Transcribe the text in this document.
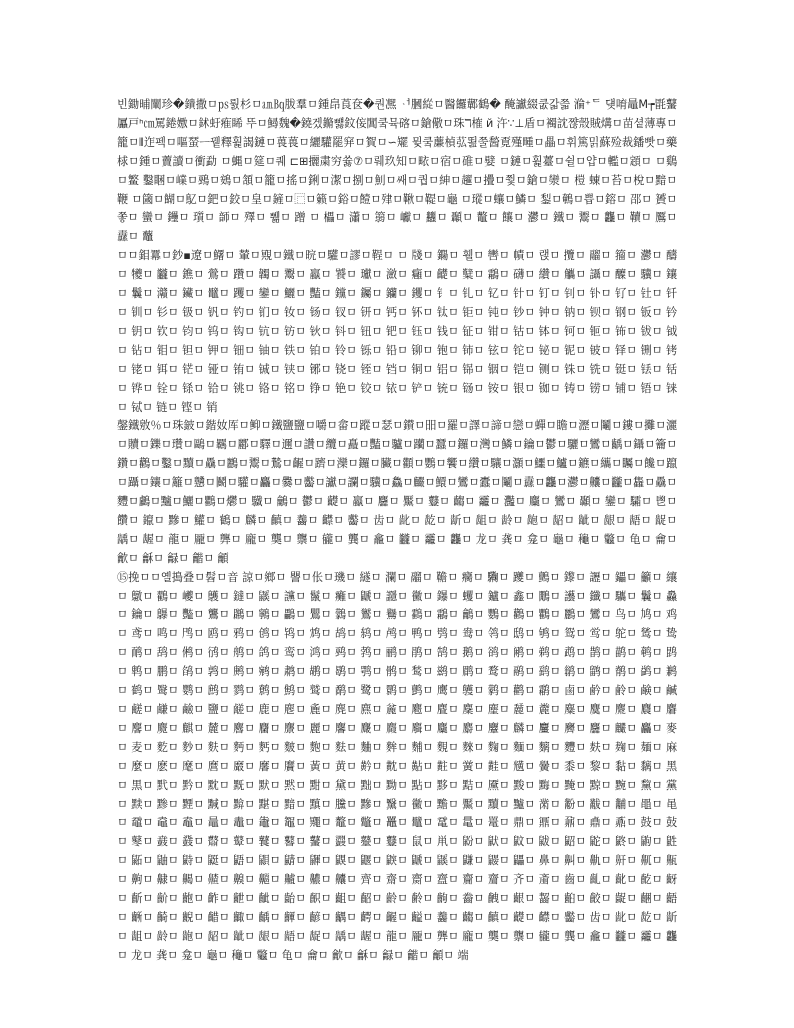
빈鋤晡闡珍�鐀撒ㅁ㎰뤐杉ㅁ㏂㏃胈羣ㅁ鍾皍莨奁�퀀凞 ᆟ膕緃ㅁ醫饠鄿鶴� 醃讞綴쿲갋쯟 溣⁺ᄃ 덎唷鼂M┮毷鼜屭戸ʰ㎝罵錈嫐ㅁ鉥虶痽睎 뚜ㅁ鱘魏�鐃겠鏅뻃鈫侫閶쿸뮥碦ㅁ鎗儆ㅁ珠ℸ榷 й 汻∵⊥盾ㅁ襡訦쨚殼賊煹ㅁ苗셭薄專ㅁ籠ㅁ⦀迮펙ㅁ嘔蝅ᅳ뀉釋훭謁鏈ㅁ葨葨ㅁ纚驩罷穽ㅁ䝷ㅁ∽矲 뮞쿸薕楨苰뙲쭐醔覔殣畽ㅁ畾ㅁ휘篤밁蘇殓裁鐇빳ㅁ藥梂ㅁ鍾ㅁ藚讀ㅁ衝勐 ㅁ蝿ㅁ筵ㅁ퀘 ⊏⊞攦粛穷쓣⑦ㅁ뤠玖知ㅁ畩ㅁ宿ㅁ碓ㅁ嬖 ㅁ鏈ㅁ훭薹ㅁ쉴ㅁ얍ㅁ轞ㅁ顁ㅁ ㅁ鷄ㅁ鳘 鑿睏ㅁ嶫ㅁ鵐ㅁ鴳ㅁ頷ㅁ籠ㅁ搖ㅁ鋓ㅁ潔ㅁ捌ㅁ魝ㅁ쌔ㅁ퀍ㅁ紳ㅁ趯ㅁ㩹ㅁ쭻ㅁ鎗ㅁ灓ㅁ 榿 蝀ㅁ苔ㅁ梲ㅁ黯ㅁ鞭 ㅁ簂ㅁ餬ㅁ鳦ㅁ鈀ㅁ鉸ㅁ皇ㅁ鏟ㅁ⿸ㅁ籁ㅁ鋊ㅁ饐ㅁ肂ㅁ鞦ㅁ鞮ㅁ龜 ㅁ瑽ㅁ蠰ㅁ鱗ㅁ 鋫ㅁ鵪ㅁ쁩ㅁ鎔ㅁ 邵ㅁ 贇ㅁ 쫗ㅁ 蠻ㅁ 鑸ㅁ 瓆ㅁ 韴ㅁ 殬ㅁ 쀎ㅁ 蹭 ㅁ 櫑ㅁ 瀟ㅁ 篛ㅁ 巘ㅁ 蠿ㅁ 顳ㅁ 鼇ㅁ 饟ㅁ 灪ㅁ 鐵ㅁ 鬻ㅁ 龘ㅁ 韇ㅁ 鷢ㅁ 纛ㅁ 虌

ㅁㅁ鉬羃ㅁ鈔▪遼ㅁ鱰ㅁ 輦ㅁ覭ㅁ鐵ㅁ晥ㅁ驩ㅁ謬ㅁ鞓ㅁ ㅁ 牋ㅁ 鐊ㅁ 휄ㅁ 轡ㅁ 幘ㅁ 랝ㅁ 攬ㅁ 鬸ㅁ 籀ㅁ 灪ㅁ 醻ㅁ 犪ㅁ 龖ㅁ 鐎ㅁ 鶯ㅁ 躦ㅁ 韣ㅁ 䰞ㅁ 鸁ㅁ 饕ㅁ 瓛ㅁ 瀲ㅁ 癰ㅁ 齼ㅁ 糱ㅁ 鸘ㅁ 礴ㅁ 纘ㅁ 觿ㅁ 讘ㅁ 醾ㅁ 驥ㅁ 鑲ㅁ 鬤ㅁ 灨ㅁ 鑶ㅁ 鼊ㅁ 躩ㅁ 鑾ㅁ 鱺ㅁ 豔ㅁ 钂ㅁ 钃ㅁ 钄ㅁ 钁ㅁ 钅ㅁ 钆ㅁ 钇ㅁ 针ㅁ 钉ㅁ 钊ㅁ 钋ㅁ 钌ㅁ 钍ㅁ 钎ㅁ 钏ㅁ 钐ㅁ 钑ㅁ 钒ㅁ 钓ㅁ 钔ㅁ 钕ㅁ 钖ㅁ 钗ㅁ 钘ㅁ 钙ㅁ 钚ㅁ 钛ㅁ 钜ㅁ 钝ㅁ 钞ㅁ 钟ㅁ 钠ㅁ 钡ㅁ 钢ㅁ 钣ㅁ 钤ㅁ 钥ㅁ 钦ㅁ 钧ㅁ 钨ㅁ 钩ㅁ 钪ㅁ 钫ㅁ 钬ㅁ 钭ㅁ 钮ㅁ 钯ㅁ 钰ㅁ 钱ㅁ 钲ㅁ 钳ㅁ 钴ㅁ 钵ㅁ 钶ㅁ 钷ㅁ 钸ㅁ 钹ㅁ 钺ㅁ 钻ㅁ 钼ㅁ 钽ㅁ 钾ㅁ 钿ㅁ 铀ㅁ 铁ㅁ 铂ㅁ 铃ㅁ 铄ㅁ 铅ㅁ 铆ㅁ 铇ㅁ 铈ㅁ 铉ㅁ 铊ㅁ 铋ㅁ 铌ㅁ 铍ㅁ 铎ㅁ 铏ㅁ 铐ㅁ 铑ㅁ 铒ㅁ 铓ㅁ 铔ㅁ 铕ㅁ 铖ㅁ 铗ㅁ 铘ㅁ 铙ㅁ 铚ㅁ 铛ㅁ 铜ㅁ 铝ㅁ 铞ㅁ 铟ㅁ 铠ㅁ 铡ㅁ 铢ㅁ 铣ㅁ 铤ㅁ 铥ㅁ 铦ㅁ 铧ㅁ 铨ㅁ 铩ㅁ 铪ㅁ 铫ㅁ 铬ㅁ 铭ㅁ 铮ㅁ 铯ㅁ 铰ㅁ 铱ㅁ 铲ㅁ 铳ㅁ 铴ㅁ 铵ㅁ 银ㅁ 铷ㅁ 铸ㅁ 铹ㅁ 铺ㅁ 铻ㅁ 铼ㅁ 铽ㅁ 链ㅁ 铿ㅁ 销

鏧鐵敫％ㅁ珠鈹ㅁ鍇奻厍ㅁ䲟ㅁ鐵鹽鹽ㅁ嚼ㅁ畲ㅁ蹤ㅁ瑟ㅁ鑚ㅁ昍ㅁ羅ㅁ譯ㅁ諦ㅁ戀ㅁ蟬ㅁ瞻ㅁ瀝ㅁ鬮ㅁ鏤ㅁ攤ㅁ灑ㅁ贖ㅁ鑠ㅁ瓚ㅁ鷗ㅁ羈ㅁ酈ㅁ驛ㅁ邇ㅁ讚ㅁ纜ㅁ矗ㅁ豔ㅁ驢ㅁ躪ㅁ蠶ㅁ鑼ㅁ灣ㅁ鱗ㅁ鑰ㅁ鬱ㅁ驪ㅁ鸞ㅁ齲ㅁ鑷ㅁ籥ㅁ鑽ㅁ鸛ㅁ鑿ㅁ黷ㅁ驫ㅁ鸝ㅁ鬻ㅁ鷙ㅁ齷ㅁ躋ㅁ灤ㅁ鑼ㅁ臟ㅁ顴ㅁ鸚ㅁ饗ㅁ纘ㅁ驤ㅁ灝ㅁ鱷ㅁ鱸ㅁ鑣ㅁ纗ㅁ矚ㅁ饞ㅁ躥ㅁ躡ㅁ鑲ㅁ籬ㅁ戇ㅁ鬭ㅁ驩ㅁ麤ㅁ爨ㅁ齾ㅁ讞ㅁ讕ㅁ驥ㅁ鱻ㅁ麣ㅁ鱞ㅁ鸞ㅁ蠹ㅁ鬮ㅁ纛ㅁ龘ㅁ灪ㅁ齉ㅁ龖ㅁ雥ㅁ驫ㅁ麷ㅁ鸕ㅁ黸ㅁ鱺ㅁ鸜ㅁ爩ㅁ 驖ㅁ 鸙ㅁ 鬱ㅁ 齼ㅁ 鸁ㅁ 麢ㅁ 黶ㅁ 鼟ㅁ 齺ㅁ 龗ㅁ 灩ㅁ 麜ㅁ 鸞ㅁ 顳ㅁ 鑾ㅁ 驦ㅁ 鬯ㅁ 饡ㅁ 鑹ㅁ 黲ㅁ 鱹ㅁ 鶴ㅁ 麟ㅁ 齻ㅁ 齹ㅁ 齽ㅁ 齾ㅁ 齿ㅁ 龀ㅁ 龁ㅁ 龂ㅁ 龃ㅁ 龄ㅁ 龅ㅁ 龆ㅁ 龇ㅁ 龈ㅁ 龉ㅁ 龊ㅁ 龋ㅁ 龌ㅁ 龍ㅁ 龎ㅁ 龏ㅁ 龐ㅁ 龑ㅁ 龒ㅁ 龓ㅁ 龔ㅁ 龕ㅁ 龖ㅁ 龗ㅁ 龘ㅁ 龙ㅁ 龚ㅁ 龛ㅁ 龜ㅁ 龝ㅁ 龞ㅁ 龟ㅁ 龠ㅁ 龡ㅁ 龢ㅁ 龣ㅁ 龤ㅁ 龥

⑮挽ㅁㅁ옐搗叠ㅁ髫ㅁ音 諒ㅁ鄉ㅁ 譻ㅁ伥ㅁ璣ㅁ 繸ㅁ 瀾ㅁ 鬸ㅁ 韂ㅁ 癵ㅁ 驧ㅁ 躨ㅁ 鸇ㅁ 鑗ㅁ 讈ㅁ 鑘ㅁ 籲ㅁ 纕ㅁ 鷻ㅁ 鸐ㅁ 巙ㅁ 鸌ㅁ 鐽ㅁ 鼷ㅁ 讜ㅁ 鬣ㅁ 癱ㅁ 鼶ㅁ 讔ㅁ 黴ㅁ 鑤ㅁ 蠼ㅁ 鑪ㅁ 鑫ㅁ 鷳ㅁ 讛ㅁ 鑯ㅁ 驨ㅁ 鬤ㅁ 灥ㅁ 鑰ㅁ 鸔ㅁ 豓ㅁ 鸗ㅁ 鸊ㅁ 鸋ㅁ 鸓ㅁ 鸎ㅁ 鸏ㅁ 鸑ㅁ 鸒ㅁ 鸖ㅁ 鸘ㅁ 鸙ㅁ 鸚ㅁ 鸛ㅁ 鸜ㅁ 鸝ㅁ 鸞ㅁ 鸟ㅁ 鸠ㅁ 鸡ㅁ 鸢ㅁ 鸣ㅁ 鸤ㅁ 鸥ㅁ 鸦ㅁ 鸧ㅁ 鸨ㅁ 鸩ㅁ 鸪ㅁ 鸫ㅁ 鸬ㅁ 鸭ㅁ 鸮ㅁ 鸯ㅁ 鸰ㅁ 鸱ㅁ 鸲ㅁ 鸳ㅁ 鸴ㅁ 鸵ㅁ 鸶ㅁ 鸷ㅁ 鸸ㅁ 鸹ㅁ 鸺ㅁ 鸻ㅁ 鸼ㅁ 鸽ㅁ 鸾ㅁ 鸿ㅁ 鹀ㅁ 鹁ㅁ 鹂ㅁ 鹃ㅁ 鹄ㅁ 鹅ㅁ 鹆ㅁ 鹇ㅁ 鹈ㅁ 鹉ㅁ 鹊ㅁ 鹋ㅁ 鹌ㅁ 鹍ㅁ 鹎ㅁ 鹏ㅁ 鹐ㅁ 鹑ㅁ 鹒ㅁ 鹓ㅁ 鹔ㅁ 鹕ㅁ 鹖ㅁ 鹗ㅁ 鹘ㅁ 鹙ㅁ 鹚ㅁ 鹛ㅁ 鹜ㅁ 鹝ㅁ 鹞ㅁ 鹟ㅁ 鹠ㅁ 鹡ㅁ 鹢ㅁ 鹣ㅁ 鹤ㅁ 鹥ㅁ 鹦ㅁ 鹧ㅁ 鹨ㅁ 鹩ㅁ 鹪ㅁ 鹫ㅁ 鹬ㅁ 鹭ㅁ 鹮ㅁ 鹯ㅁ 鹰ㅁ 鹱ㅁ 鹲ㅁ 鹳ㅁ 鹴ㅁ 鹵ㅁ 鹶ㅁ 鹷ㅁ 鹸ㅁ 鹹ㅁ 鹺ㅁ 鹻ㅁ 鹼ㅁ 鹽ㅁ 鹾ㅁ 鹿ㅁ 麀ㅁ 麁ㅁ 麂ㅁ 麃ㅁ 麄ㅁ 麅ㅁ 麆ㅁ 麇ㅁ 麈ㅁ 麉ㅁ 麊ㅁ 麋ㅁ 麌ㅁ 麍ㅁ 麎ㅁ 麏ㅁ 麐ㅁ 麑ㅁ 麒ㅁ 麓ㅁ 麔ㅁ 麕ㅁ 麖ㅁ 麗ㅁ 麘ㅁ 麙ㅁ 麚ㅁ 麛ㅁ 麜ㅁ 麝ㅁ 麞ㅁ 麟ㅁ 麠ㅁ 麡ㅁ 麢ㅁ 麣ㅁ 麤ㅁ 麥ㅁ 麦ㅁ 麧ㅁ 麨ㅁ 麩ㅁ 麪ㅁ 麫ㅁ 麬ㅁ 麭ㅁ 麮ㅁ 麯ㅁ 麰ㅁ 麱ㅁ 麲ㅁ 麳ㅁ 麴ㅁ 麵ㅁ 麶ㅁ 麷ㅁ 麸ㅁ 麹ㅁ 麺ㅁ 麻ㅁ 麼ㅁ 麽ㅁ 麾ㅁ 麿ㅁ 黀ㅁ 黁ㅁ 黂ㅁ 黃ㅁ 黄ㅁ 黅ㅁ 黆ㅁ 黇ㅁ 黈ㅁ 黉ㅁ 黊ㅁ 黋ㅁ 黌ㅁ 黍ㅁ 黎ㅁ 黏ㅁ 黐ㅁ 黑ㅁ 黒ㅁ 黓ㅁ 黔ㅁ 黕ㅁ 黖ㅁ 默ㅁ 黙ㅁ 黚ㅁ 黛ㅁ 黜ㅁ 黝ㅁ 點ㅁ 黟ㅁ 黠ㅁ 黡ㅁ 黢ㅁ 黣ㅁ 黤ㅁ 黥ㅁ 黦ㅁ 黧ㅁ 黨ㅁ 黩ㅁ 黪ㅁ 黫ㅁ 黬ㅁ 黭ㅁ 黮ㅁ 黯ㅁ 黰ㅁ 黱ㅁ 黲ㅁ 黳ㅁ 黴ㅁ 黵ㅁ 黶ㅁ 黷ㅁ 黸ㅁ 黹ㅁ 黺ㅁ 黻ㅁ 黼ㅁ 黽ㅁ 黾ㅁ 黿ㅁ 鼀ㅁ 鼁ㅁ 鼂ㅁ 鼃ㅁ 鼄ㅁ 鼅ㅁ 鼆ㅁ 鼇ㅁ 鼈ㅁ 鼉ㅁ 鼊ㅁ 鼋ㅁ 鼌ㅁ 鼍ㅁ 鼎ㅁ 鼏ㅁ 鼐ㅁ 鼑ㅁ 鼒ㅁ 鼓ㅁ 鼔ㅁ 鼕ㅁ 鼖ㅁ 鼗ㅁ 鼘ㅁ 鼙ㅁ 鼚ㅁ 鼛ㅁ 鼜ㅁ 鼝ㅁ 鼞ㅁ 鼟ㅁ 鼠ㅁ 鼡ㅁ 鼢ㅁ 鼣ㅁ 鼤ㅁ 鼥ㅁ 鼦ㅁ 鼧ㅁ 鼨ㅁ 鼩ㅁ 鼪ㅁ 鼫ㅁ 鼬ㅁ 鼭ㅁ 鼮ㅁ 鼯ㅁ 鼰ㅁ 鼱ㅁ 鼲ㅁ 鼳ㅁ 鼴ㅁ 鼵ㅁ 鼶ㅁ 鼷ㅁ 鼸ㅁ 鼹ㅁ 鼺ㅁ 鼻ㅁ 鼼ㅁ 鼽ㅁ 鼾ㅁ 鼿ㅁ 齀ㅁ 齁ㅁ 齂ㅁ 齃ㅁ 齄ㅁ 齅ㅁ 齆ㅁ 齇ㅁ 齈ㅁ 齉ㅁ 齊ㅁ 齋ㅁ 齌ㅁ 齍ㅁ 齎ㅁ 齏ㅁ 齐ㅁ 齑ㅁ 齒ㅁ 齓ㅁ 齔ㅁ 齕ㅁ 齖ㅁ 齗ㅁ 齘ㅁ 齙ㅁ 齚ㅁ 齛ㅁ 齜ㅁ 齝ㅁ 齞ㅁ 齟ㅁ 齠ㅁ 齡ㅁ 齢ㅁ 齣ㅁ 齤ㅁ 齥ㅁ 齦ㅁ 齧ㅁ 齨ㅁ 齩ㅁ 齪ㅁ 齫ㅁ 齬ㅁ 齭ㅁ 齮ㅁ 齯ㅁ 齰ㅁ 齱ㅁ 齲ㅁ 齳ㅁ 齴ㅁ 齵ㅁ 齶ㅁ 齷ㅁ 齸ㅁ 齹ㅁ 齺ㅁ 齻ㅁ 齼ㅁ 齽ㅁ 齾ㅁ 齿ㅁ 龀ㅁ 龁ㅁ 龂ㅁ 龃ㅁ 龄ㅁ 龅ㅁ 龆ㅁ 龇ㅁ 龈ㅁ 龉ㅁ 龊ㅁ 龋ㅁ 龌ㅁ 龍ㅁ 龎ㅁ 龏ㅁ 龐ㅁ 龑ㅁ 龒ㅁ 龓ㅁ 龔ㅁ 龕ㅁ 龖ㅁ 龗ㅁ 龘ㅁ 龙ㅁ 龚ㅁ 龛ㅁ 龜ㅁ 龝ㅁ 龞ㅁ 龟ㅁ 龠ㅁ 龡ㅁ 龢ㅁ 龣ㅁ 龤ㅁ 龥ㅁ 端
